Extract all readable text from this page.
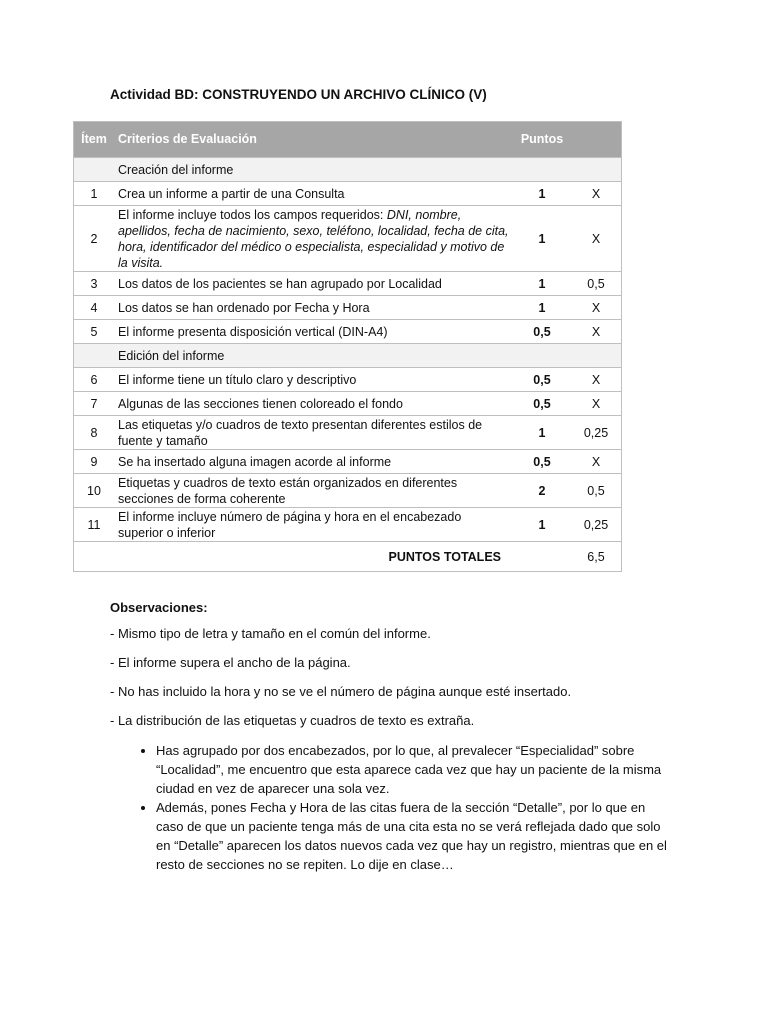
Actividad BD: CONSTRUYENDO UN ARCHIVO CLÍNICO (V)
Ítem	Criterios de Evaluación	Puntos	
	Creación del informe		
1	Crea un informe a partir de una Consulta	1	X
2	El informe incluye todos los campos requeridos: DNI, nombre, apellidos, fecha de nacimiento, sexo, teléfono, localidad, fecha de cita, hora, identificador del médico o especialista, especialidad y motivo de la visita.	1	X
3	Los datos de los pacientes se han agrupado por Localidad	1	0,5
4	Los datos se han ordenado por Fecha y Hora	1	X
5	El informe presenta disposición vertical (DIN-A4)	0,5	X
	Edición del informe		
6	El informe tiene un título claro y descriptivo	0,5	X
7	Algunas de las secciones tienen coloreado el fondo	0,5	X
8	Las etiquetas y/o cuadros de texto presentan diferentes estilos de fuente y tamaño	1	0,25
9	Se ha insertado alguna imagen acorde al informe	0,5	X
10	Etiquetas y cuadros de texto están organizados en diferentes secciones de forma coherente	2	0,5
11	El informe incluye número de página y hora en el encabezado superior o inferior	1	0,25
PUNTOS TOTALES			6,5
Observaciones:

- Mismo tipo de letra y tamaño en el común del informe.

- El informe supera el ancho de la página.

- No has incluido la hora y no se ve el número de página aunque esté insertado.

- La distribución de las etiquetas y cuadros de texto es extraña.

• Has agrupado por dos encabezados, por lo que, al prevalecer “Especialidad” sobre “Localidad”, me encuentro que esta aparece cada vez que hay un paciente de la misma ciudad en vez de aparecer una sola vez.
• Además, pones Fecha y Hora de las citas fuera de la sección “Detalle”, por lo que en caso de que un paciente tenga más de una cita esta no se verá reflejada dado que solo en “Detalle” aparecen los datos nuevos cada vez que hay un registro, mientras que en el resto de secciones no se repiten. Lo dije en clase…
